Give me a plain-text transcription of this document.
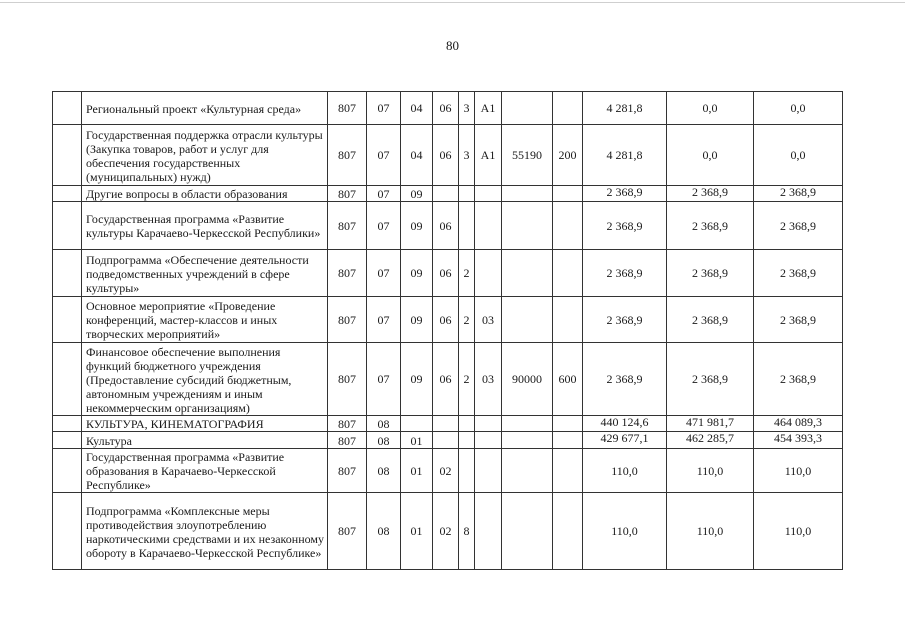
80
	Региональный проект «Культурная среда»	807	07	04	06	3	А1			4 281,8	0,0	0,0
	Государственная поддержка отрасли культуры (Закупка товаров, работ и услуг для обеспечения государственных (муниципальных) нужд)	807	07	04	06	3	А1	55190	200	4 281,8	0,0	0,0
	Другие вопросы в области образования	807	07	09						2 368,9	2 368,9	2 368,9
	Государственная программа «Развитие культуры Карачаево-Черкесской Республики»	807	07	09	06					2 368,9	2 368,9	2 368,9
	Подпрограмма «Обеспечение деятельности подведомственных учреждений в сфере культуры»	807	07	09	06	2				2 368,9	2 368,9	2 368,9
	Основное мероприятие «Проведение конференций, мастер-классов и иных творческих мероприятий»	807	07	09	06	2	03			2 368,9	2 368,9	2 368,9
	Финансовое обеспечение выполнения функций бюджетного учреждения (Предоставление субсидий бюджетным, автономным учреждениям и иным некоммерческим организациям)	807	07	09	06	2	03	90000	600	2 368,9	2 368,9	2 368,9
	КУЛЬТУРА, КИНЕМАТОГРАФИЯ	807	08							440 124,6	471 981,7	464 089,3
	Культура	807	08	01						429 677,1	462 285,7	454 393,3
	Государственная программа «Развитие образования в Карачаево-Черкесской Республике»	807	08	01	02					110,0	110,0	110,0
	Подпрограмма «Комплексные меры противодействия злоупотреблению наркотическими средствами и их незаконному обороту в Карачаево-Черкесской Республике»	807	08	01	02	8				110,0	110,0	110,0
